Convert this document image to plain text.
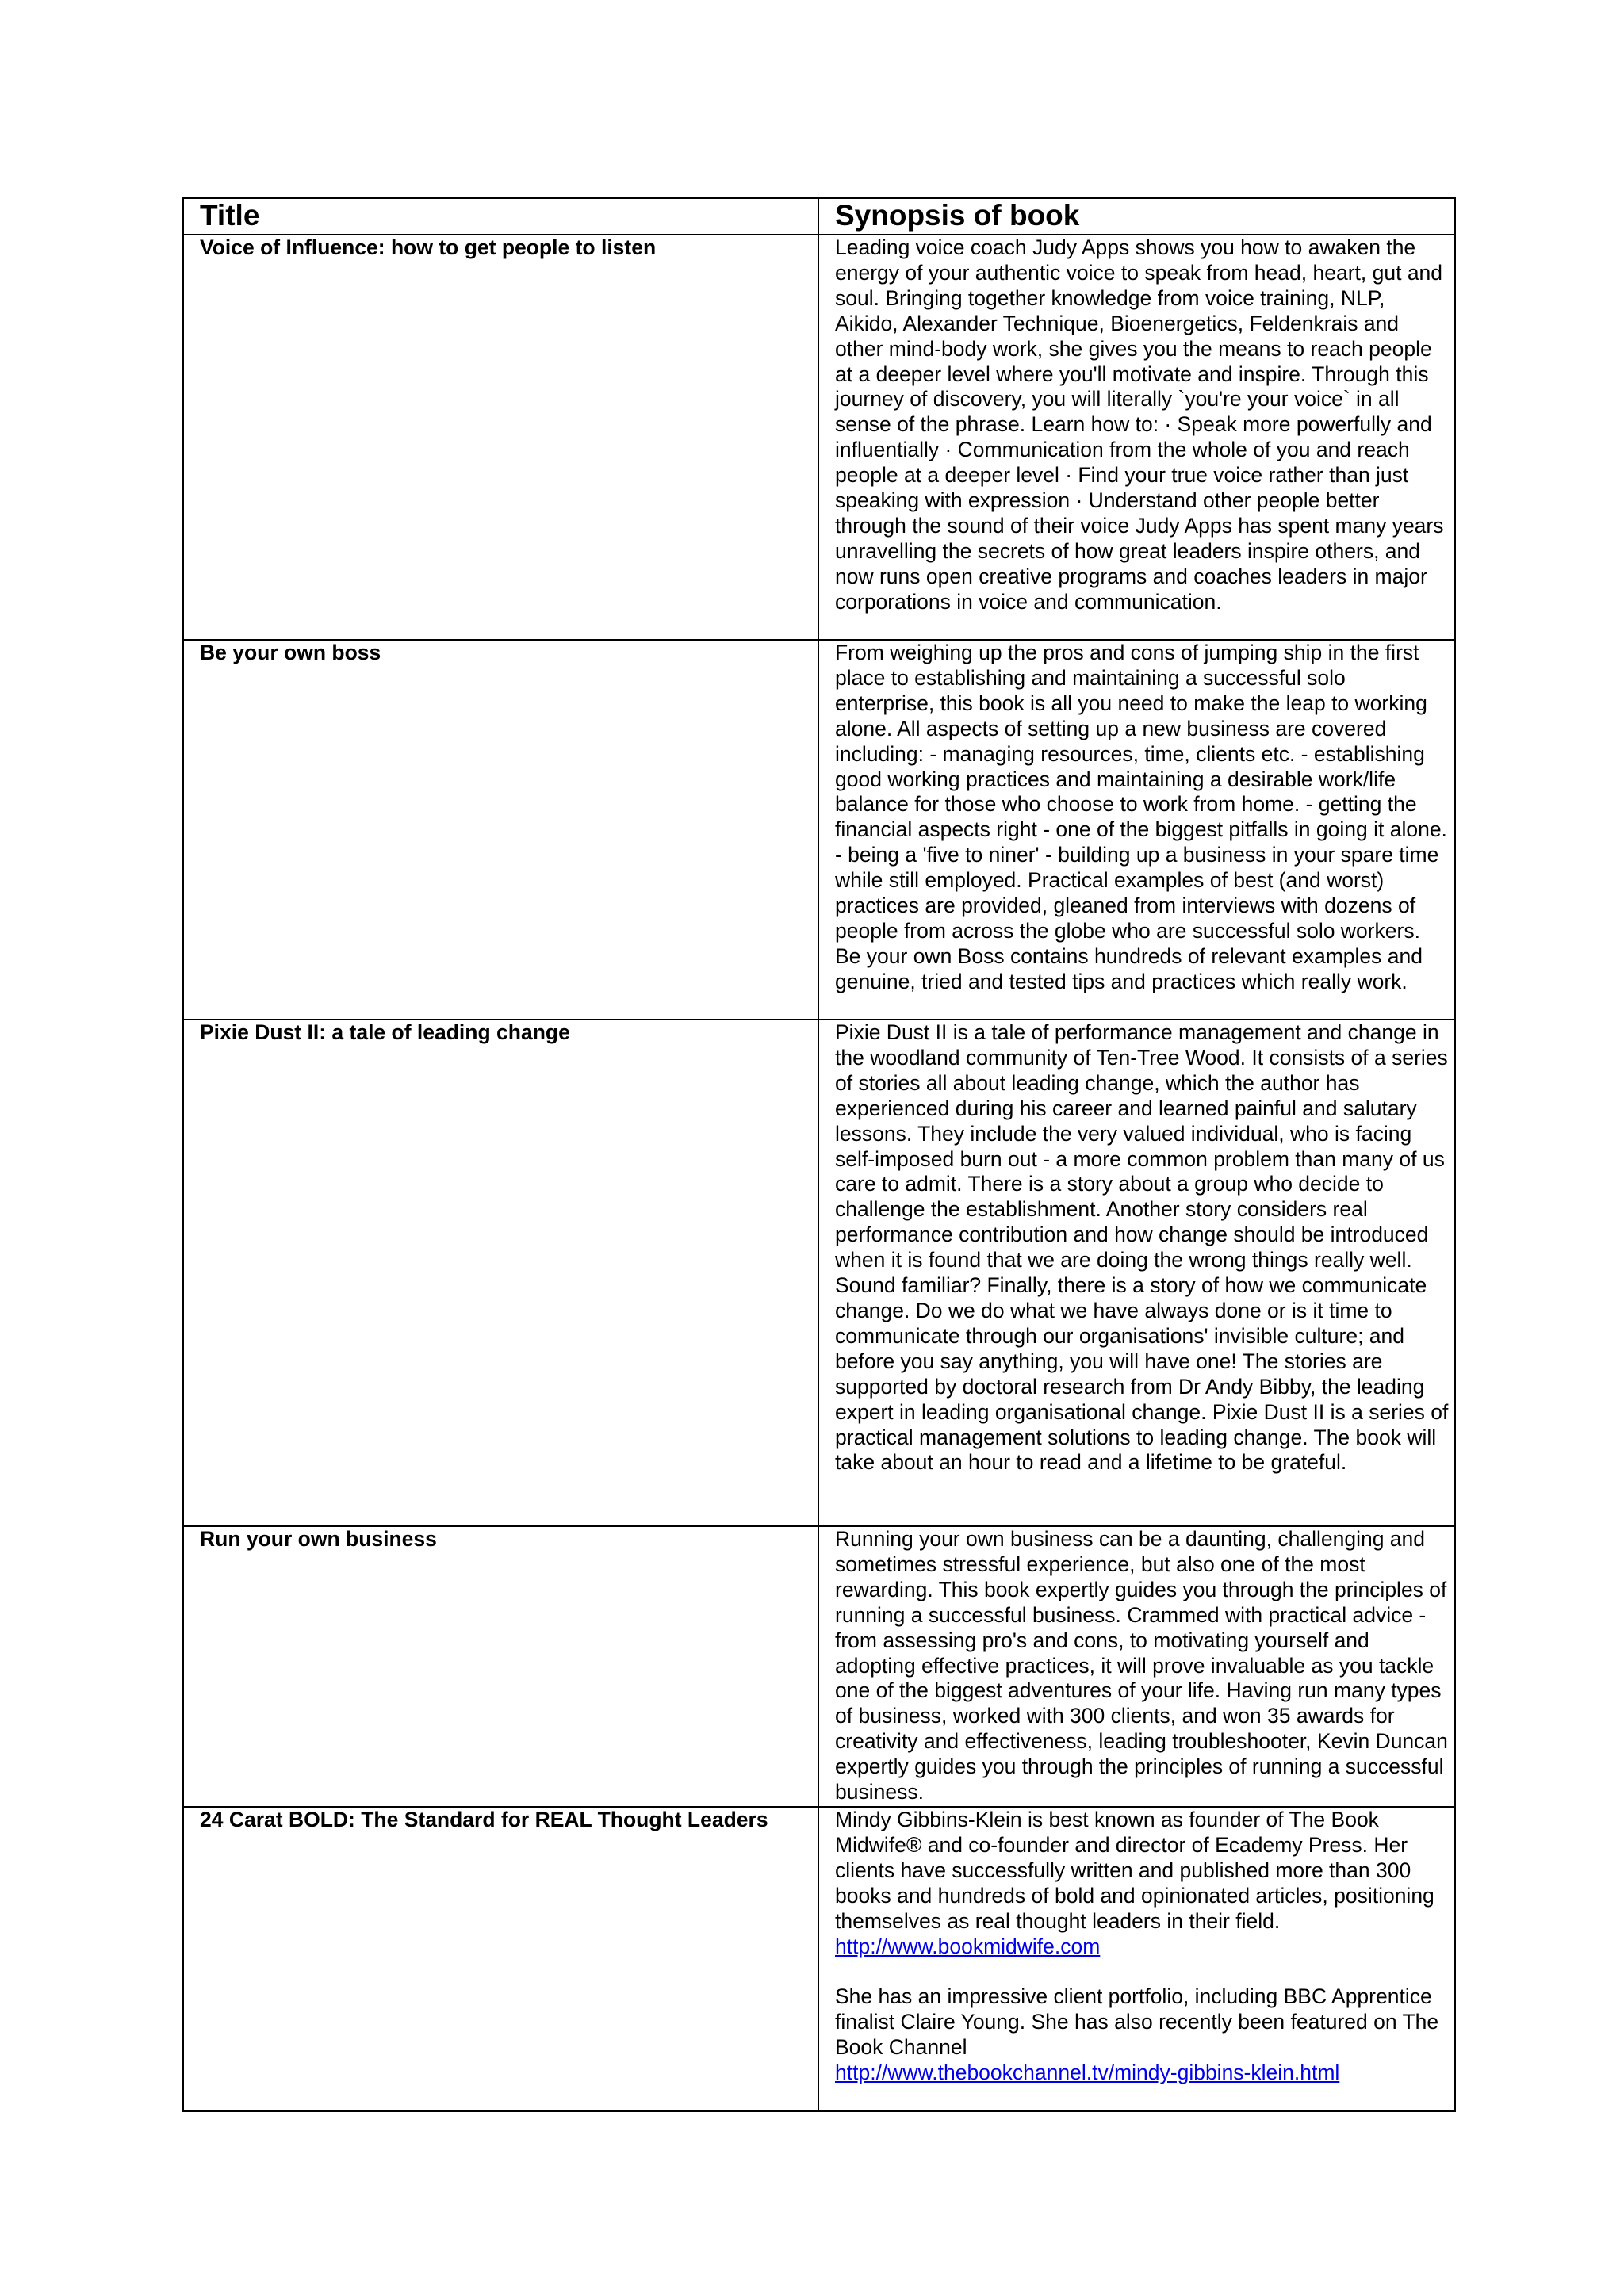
Title	Synopsis of book
Voice of Influence: how to get people to listen	Leading voice coach Judy Apps shows you how to awaken the energy of your authentic voice to speak from head, heart, gut and soul. Bringing together knowledge from voice training, NLP, Aikido, Alexander Technique, Bioenergetics, Feldenkrais and other mind-body work, she gives you the means to reach people at a deeper level where you'll motivate and inspire. Through this journey of discovery, you will literally `you're your voice` in all sense of the phrase. Learn how to: · Speak more powerfully and influentially · Communication from the whole of you and reach people at a deeper level · Find your true voice rather than just speaking with expression · Understand other people better through the sound of their voice Judy Apps has spent many years unravelling the secrets of how great leaders inspire others, and now runs open creative programs and coaches leaders in major corporations in voice and communication.
Be your own boss	From weighing up the pros and cons of jumping ship in the first place to establishing and maintaining a successful solo enterprise, this book is all you need to make the leap to working alone. All aspects of setting up a new business are covered including: - managing resources, time, clients etc. - establishing good working practices and maintaining a desirable work/life balance for those who choose to work from home. - getting the financial aspects right - one of the biggest pitfalls in going it alone. - being a 'five to niner' - building up a business in your spare time while still employed. Practical examples of best (and worst) practices are provided, gleaned from interviews with dozens of people from across the globe who are successful solo workers. Be your own Boss contains hundreds of relevant examples and genuine, tried and tested tips and practices which really work.
Pixie Dust II: a tale of leading change	Pixie Dust II is a tale of performance management and change in the woodland community of Ten-Tree Wood. It consists of a series of stories all about leading change, which the author has experienced during his career and learned painful and salutary lessons. They include the very valued individual, who is facing self-imposed burn out - a more common problem than many of us care to admit. There is a story about a group who decide to challenge the establishment. Another story considers real performance contribution and how change should be introduced when it is found that we are doing the wrong things really well. Sound familiar? Finally, there is a story of how we communicate change. Do we do what we have always done or is it time to communicate through our organisations' invisible culture; and before you say anything, you will have one! The stories are supported by doctoral research from Dr Andy Bibby, the leading expert in leading organisational change. Pixie Dust II is a series of practical management solutions to leading change. The book will take about an hour to read and a lifetime to be grateful.
Run your own business	Running your own business can be a daunting, challenging and sometimes stressful experience, but also one of the most rewarding. This book expertly guides you through the principles of running a successful business. Crammed with practical advice - from assessing pro's and cons, to motivating yourself and adopting effective practices, it will prove invaluable as you tackle one of the biggest adventures of your life. Having run many types of business, worked with 300 clients, and won 35 awards for creativity and effectiveness, leading troubleshooter, Kevin Duncan expertly guides you through the principles of running a successful business.
24 Carat BOLD: The Standard for REAL Thought Leaders	Mindy Gibbins-Klein is best known as founder of The Book Midwife® and co-founder and director of Ecademy Press. Her clients have successfully written and published more than 300 books and hundreds of bold and opinionated articles, positioning themselves as real thought leaders in their field.
http://www.bookmidwife.com
She has an impressive client portfolio, including BBC Apprentice finalist Claire Young. She has also recently been featured on The Book Channel
http://www.thebookchannel.tv/mindy-gibbins-klein.html
